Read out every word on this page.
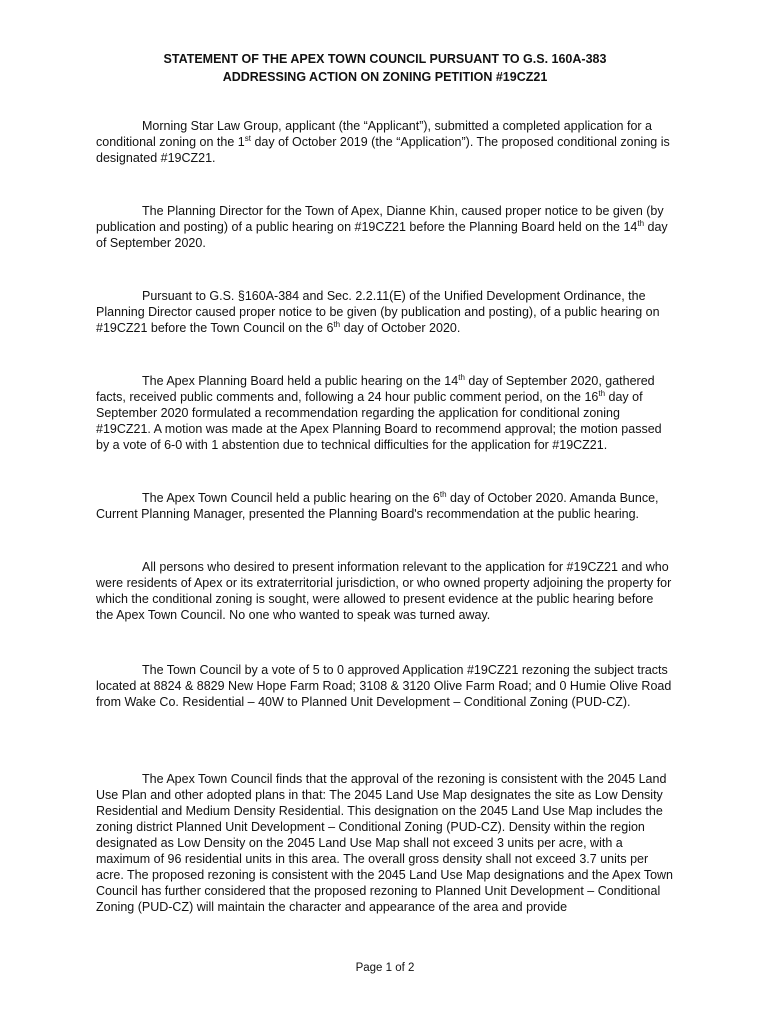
STATEMENT OF THE APEX TOWN COUNCIL PURSUANT TO G.S. 160A-383
ADDRESSING ACTION ON ZONING PETITION #19CZ21
Morning Star Law Group, applicant (the “Applicant”), submitted a completed application for a conditional zoning on the 1st day of October 2019 (the “Application”). The proposed conditional zoning is designated #19CZ21.
The Planning Director for the Town of Apex, Dianne Khin, caused proper notice to be given (by publication and posting) of a public hearing on #19CZ21 before the Planning Board held on the 14th day of September 2020.
Pursuant to G.S. §160A-384 and Sec. 2.2.11(E) of the Unified Development Ordinance, the Planning Director caused proper notice to be given (by publication and posting), of a public hearing on #19CZ21 before the Town Council on the 6th day of October 2020.
The Apex Planning Board held a public hearing on the 14th day of September 2020, gathered facts, received public comments and, following a 24 hour public comment period, on the 16th day of September 2020 formulated a recommendation regarding the application for conditional zoning #19CZ21. A motion was made at the Apex Planning Board to recommend approval; the motion passed by a vote of 6-0 with 1 abstention due to technical difficulties for the application for #19CZ21.
The Apex Town Council held a public hearing on the 6th day of October 2020. Amanda Bunce, Current Planning Manager, presented the Planning Board's recommendation at the public hearing.
All persons who desired to present information relevant to the application for #19CZ21 and who were residents of Apex or its extraterritorial jurisdiction, or who owned property adjoining the property for which the conditional zoning is sought, were allowed to present evidence at the public hearing before the Apex Town Council. No one who wanted to speak was turned away.
The Town Council by a vote of 5 to 0 approved Application #19CZ21 rezoning the subject tracts located at 8824 & 8829 New Hope Farm Road; 3108 & 3120 Olive Farm Road; and 0 Humie Olive Road from Wake Co. Residential – 40W to Planned Unit Development – Conditional Zoning (PUD-CZ).
The Apex Town Council finds that the approval of the rezoning is consistent with the 2045 Land Use Plan and other adopted plans in that: The 2045 Land Use Map designates the site as Low Density Residential and Medium Density Residential. This designation on the 2045 Land Use Map includes the zoning district Planned Unit Development – Conditional Zoning (PUD-CZ). Density within the region designated as Low Density on the 2045 Land Use Map shall not exceed 3 units per acre, with a maximum of 96 residential units in this area. The overall gross density shall not exceed 3.7 units per acre. The proposed rezoning is consistent with the 2045 Land Use Map designations and the Apex Town Council has further considered that the proposed rezoning to Planned Unit Development – Conditional Zoning (PUD-CZ) will maintain the character and appearance of the area and provide
Page 1 of 2
